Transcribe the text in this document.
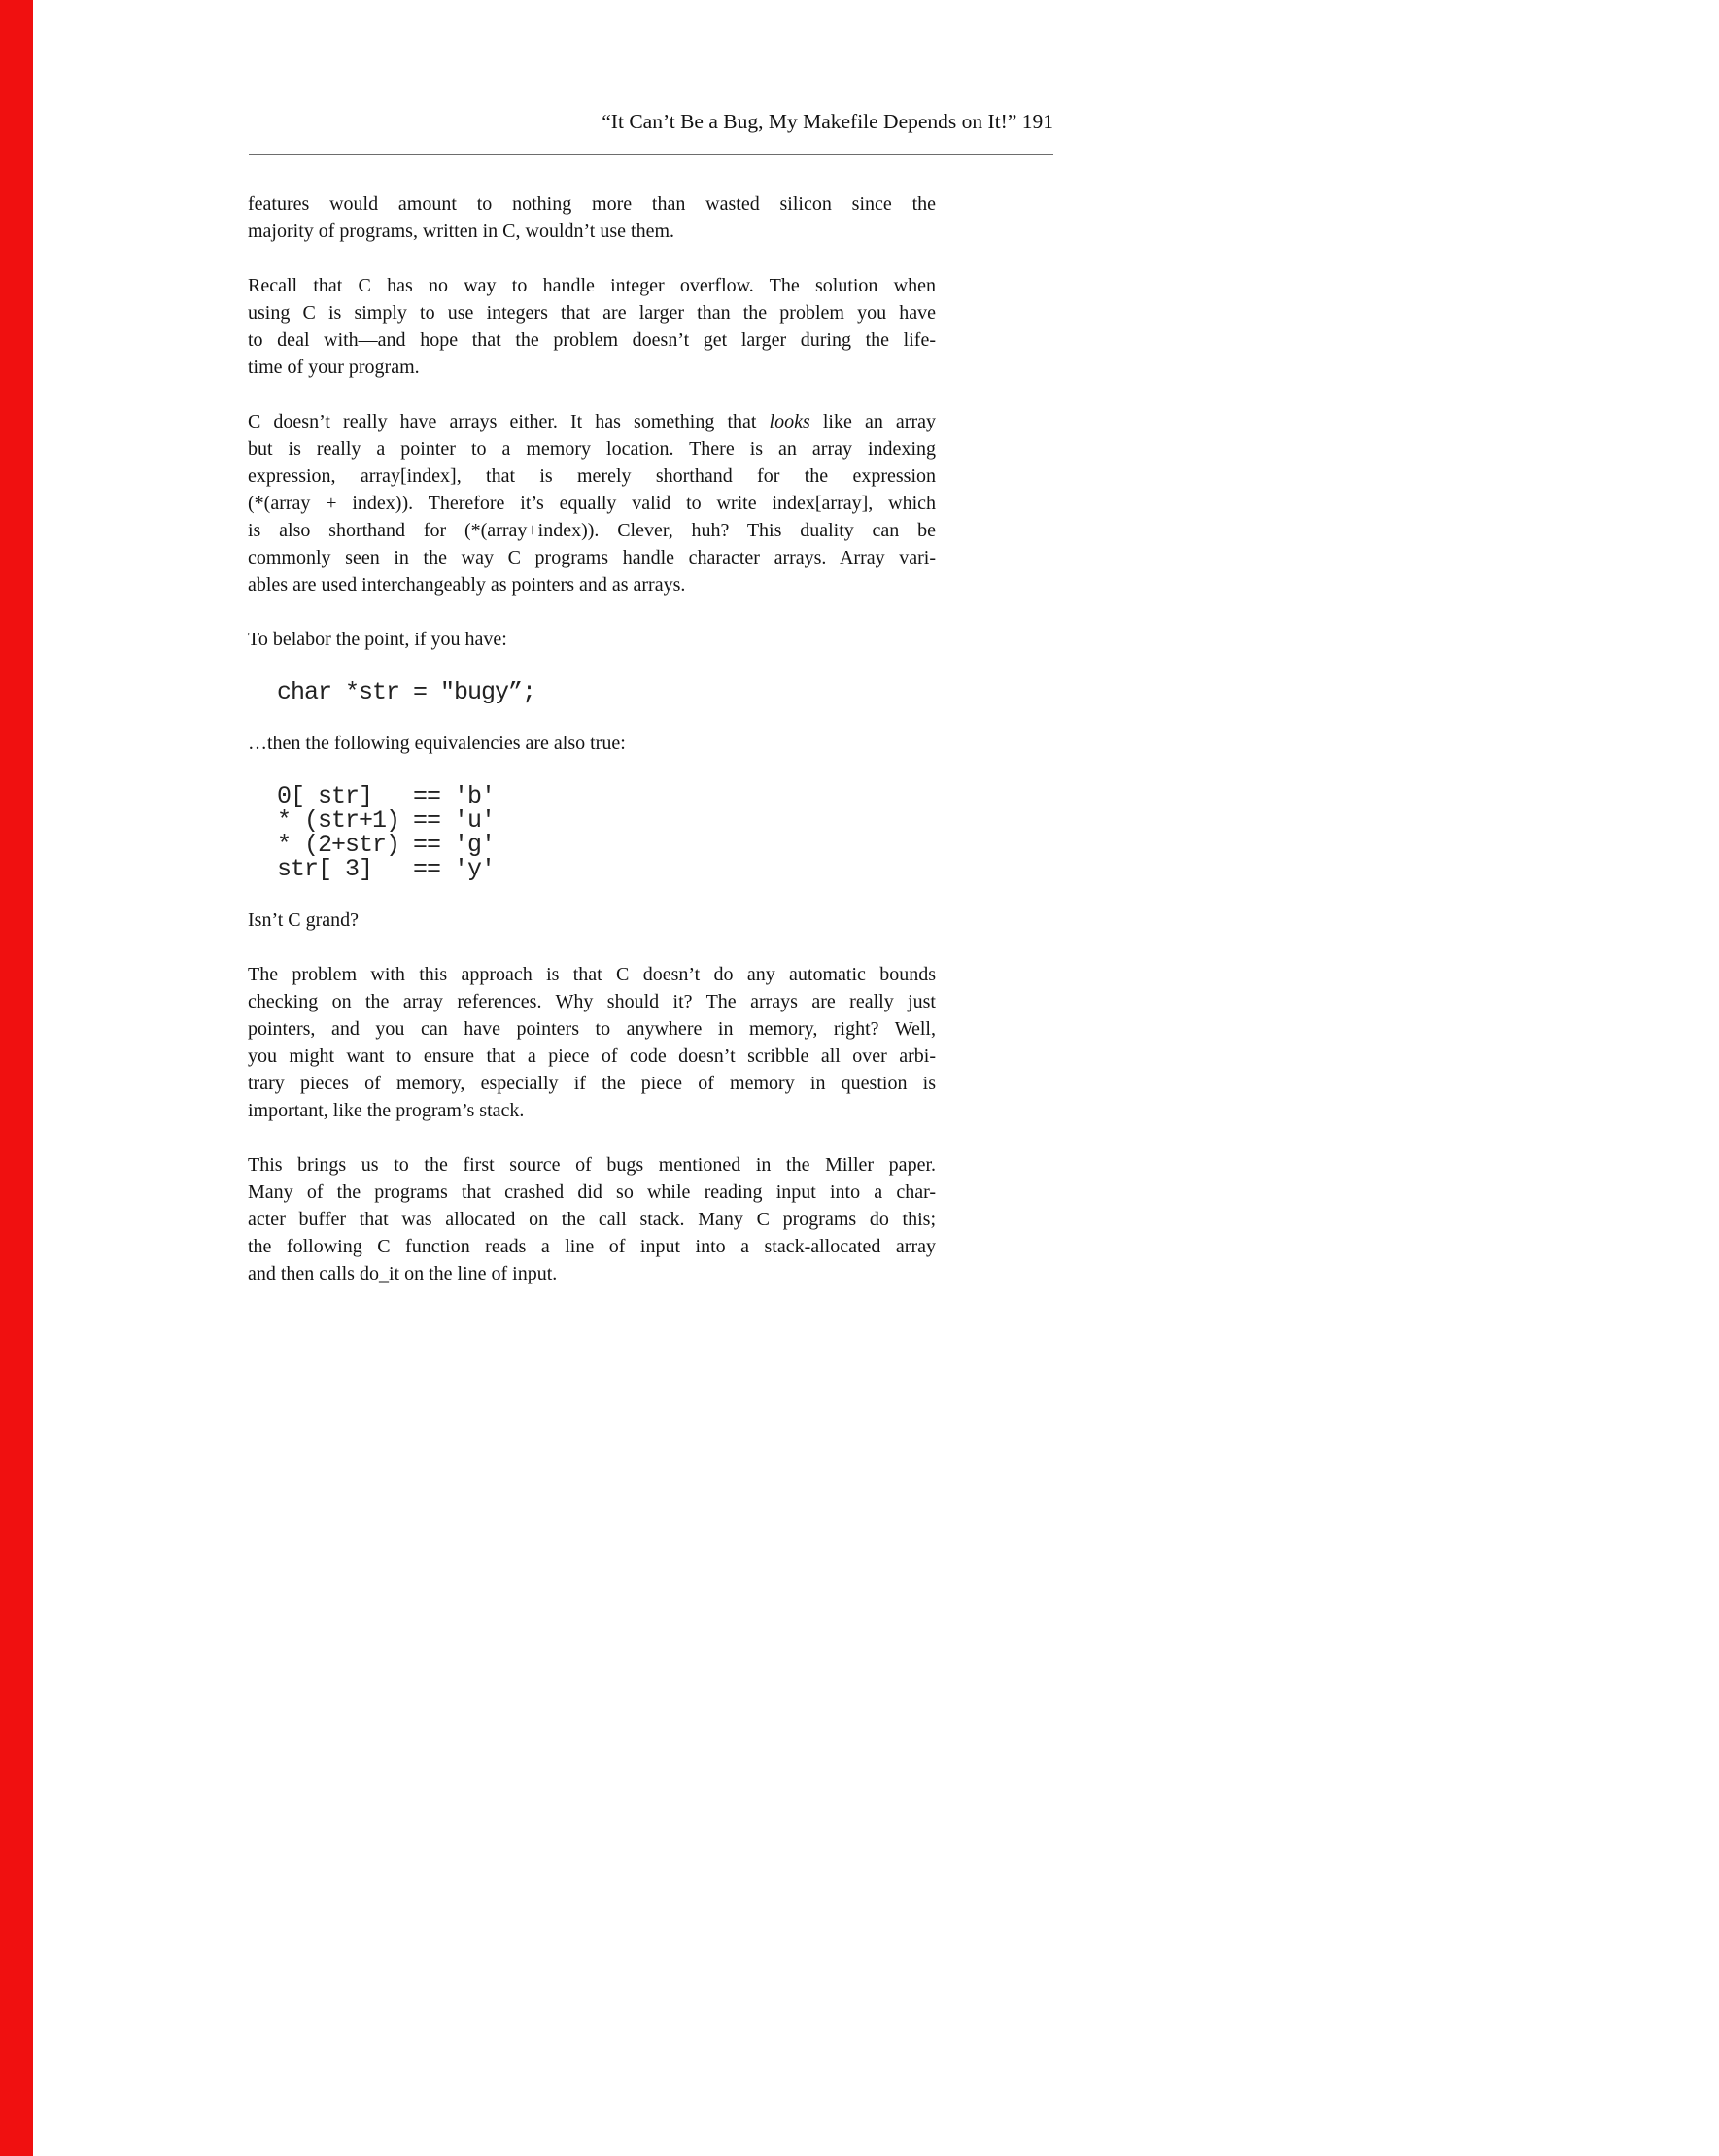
“It Can’t Be a Bug, My Makefile Depends on It!” 191
features would amount to nothing more than wasted silicon since the
majority of programs, written in C, wouldn’t use them.
Recall that C has no way to handle integer overflow. The solution when
using C is simply to use integers that are larger than the problem you have
to deal with—and hope that the problem doesn’t get larger during the life-
time of your program.
C doesn’t really have arrays either. It has something that looks like an array
but is really a pointer to a memory location. There is an array indexing
expression, array[index], that is merely shorthand for the expression
(*(array + index)). Therefore it’s equally valid to write index[array], which
is also shorthand for (*(array+index)). Clever, huh? This duality can be
commonly seen in the way C programs handle character arrays. Array vari-
ables are used interchangeably as pointers and as arrays.
To belabor the point, if you have:
char *str = "bugy”;
…then the following equivalencies are also true:
0[ str]   == 'b'
* (str+1) == 'u'
* (2+str) == 'g'
str[ 3]   == 'y'
Isn’t C grand?
The problem with this approach is that C doesn’t do any automatic bounds
checking on the array references. Why should it? The arrays are really just
pointers, and you can have pointers to anywhere in memory, right? Well,
you might want to ensure that a piece of code doesn’t scribble all over arbi-
trary pieces of memory, especially if the piece of memory in question is
important, like the program’s stack.
This brings us to the first source of bugs mentioned in the Miller paper.
Many of the programs that crashed did so while reading input into a char-
acter buffer that was allocated on the call stack. Many C programs do this;
the following C function reads a line of input into a stack-allocated array
and then calls do_it on the line of input.
